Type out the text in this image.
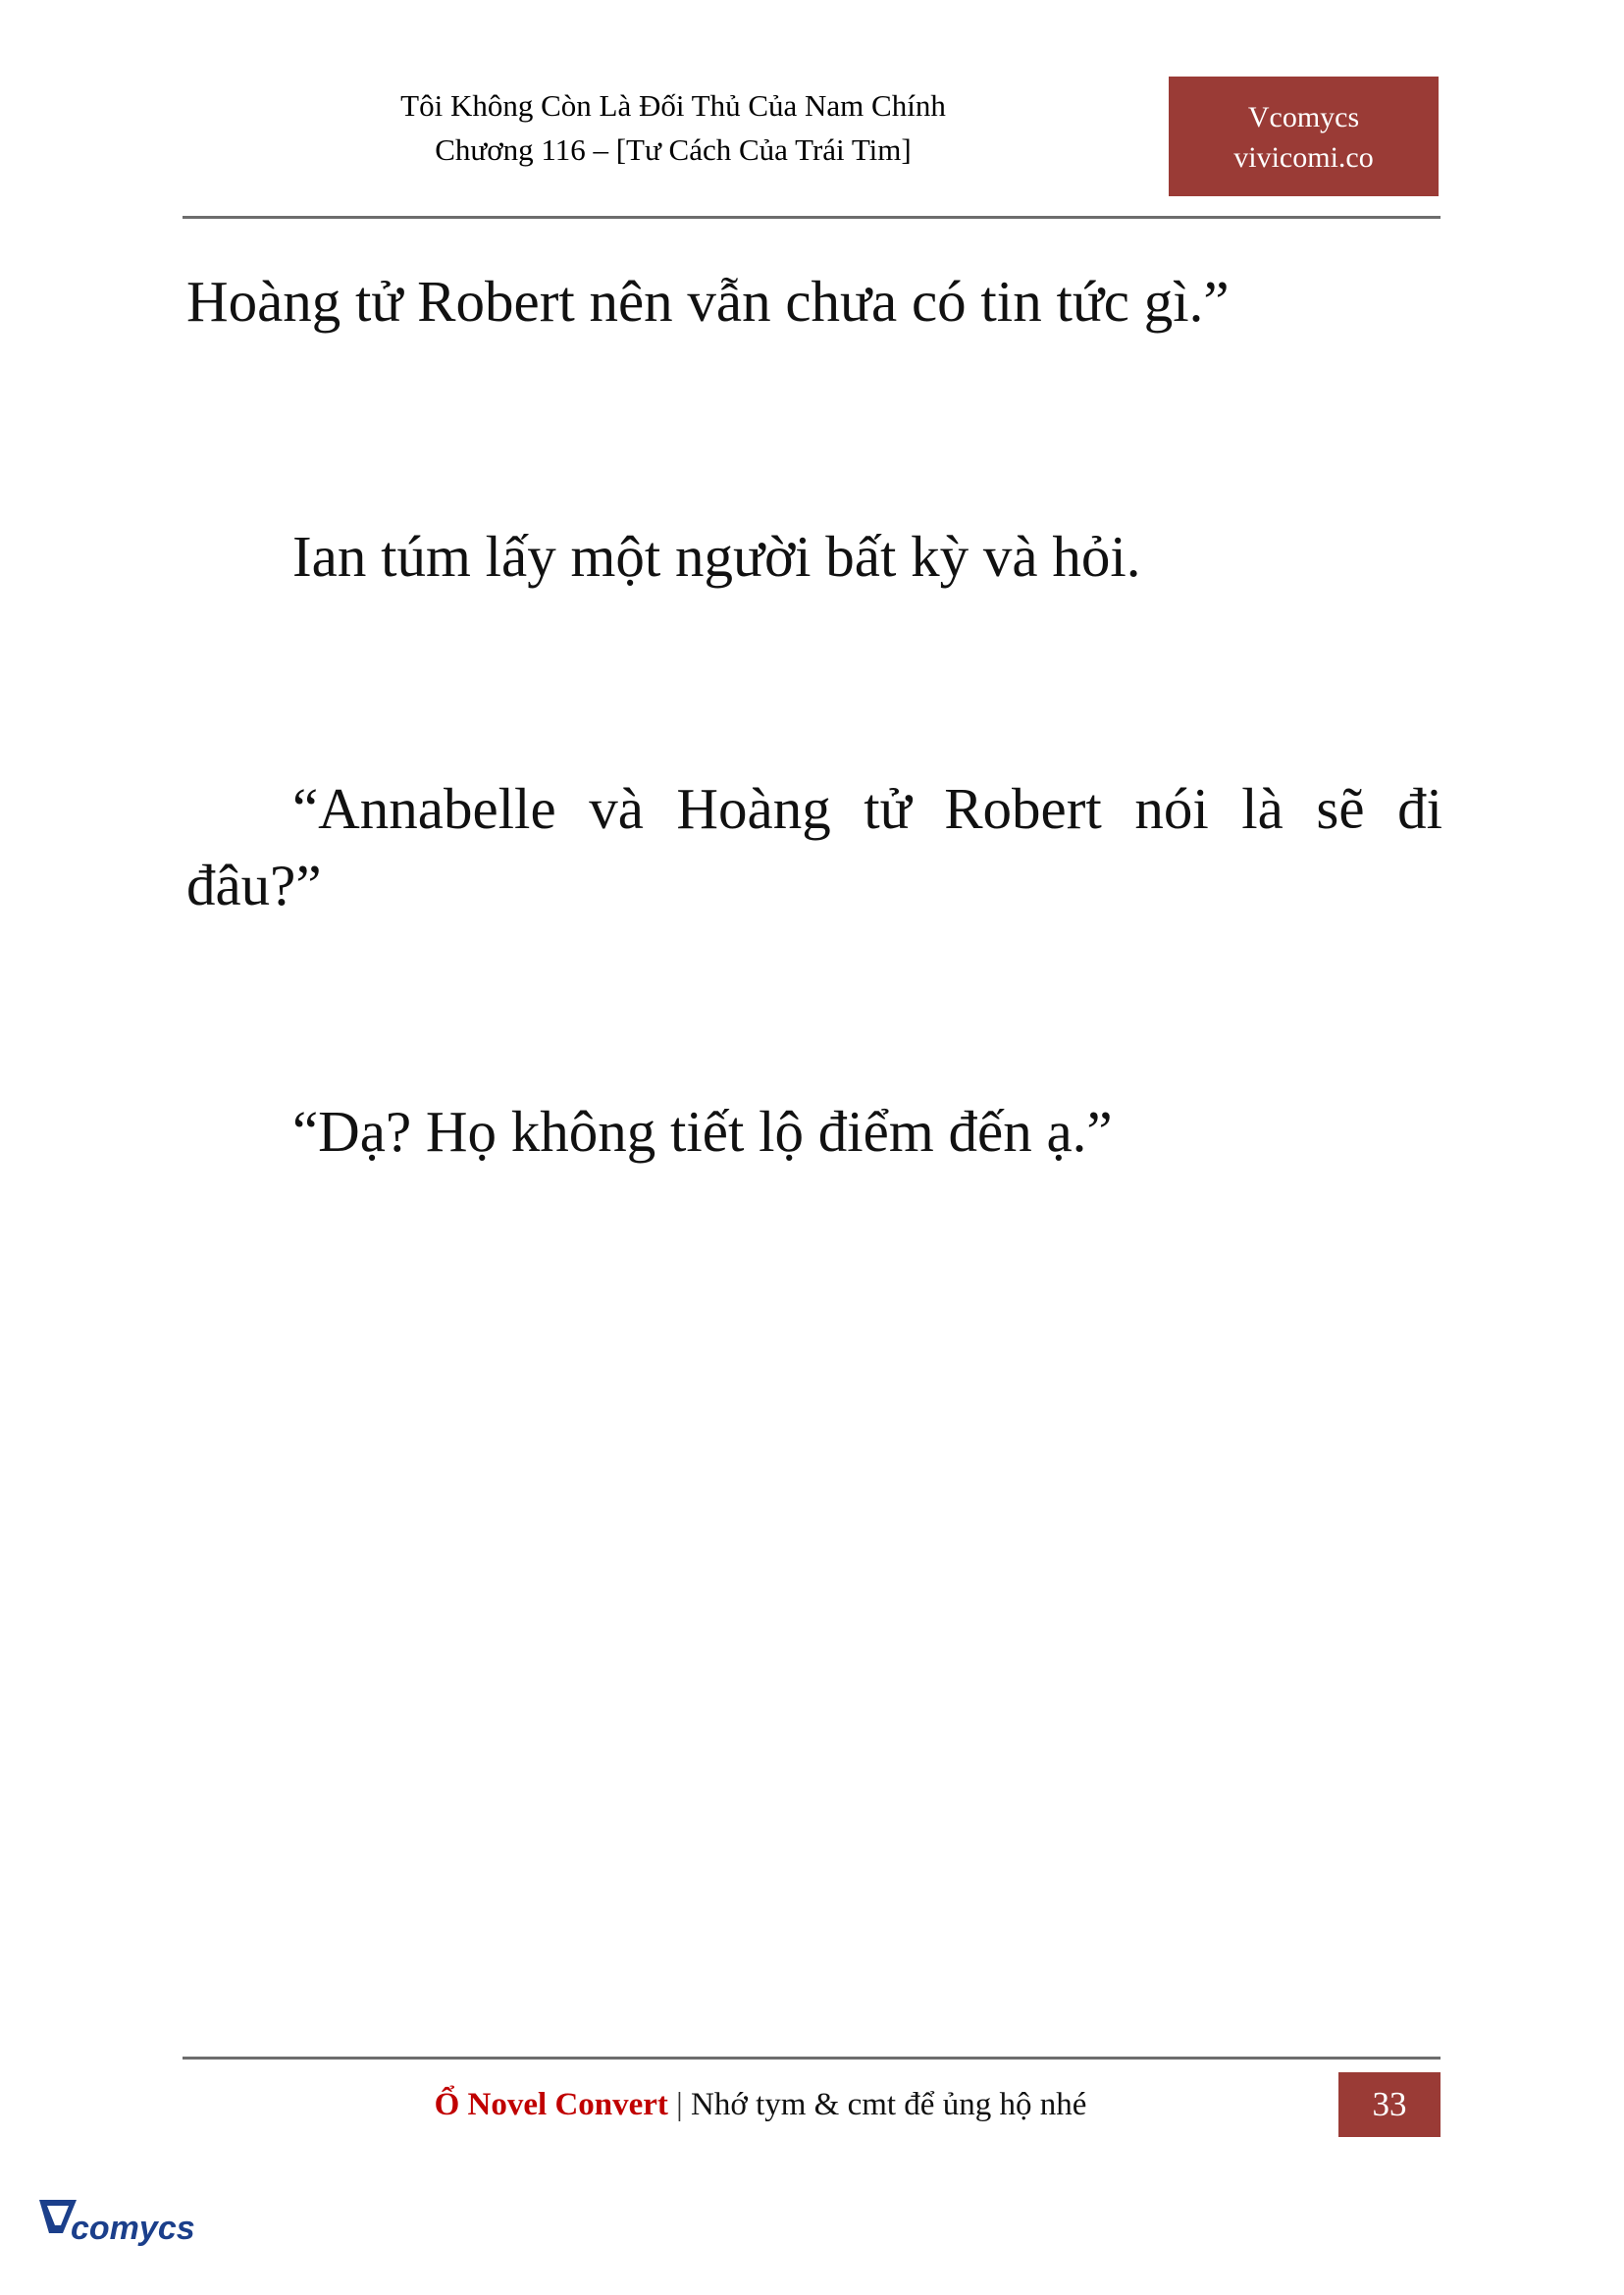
Tôi Không Còn Là Đối Thủ Của Nam Chính
Chương 116 – [Tư Cách Của Trái Tim]
Vcomycs
vivicomi.co

Hoàng tử Robert nên vẫn chưa có tin tức gì.”

Ian túm lấy một người bất kỳ và hỏi.

“Annabelle và Hoàng tử Robert nói là sẽ đi đâu?”

“Dạ? Họ không tiết lộ điểm đến ạ.”

Ổ Novel Convert | Nhớ tym & cmt để ủng hộ nhé	33
comycs
